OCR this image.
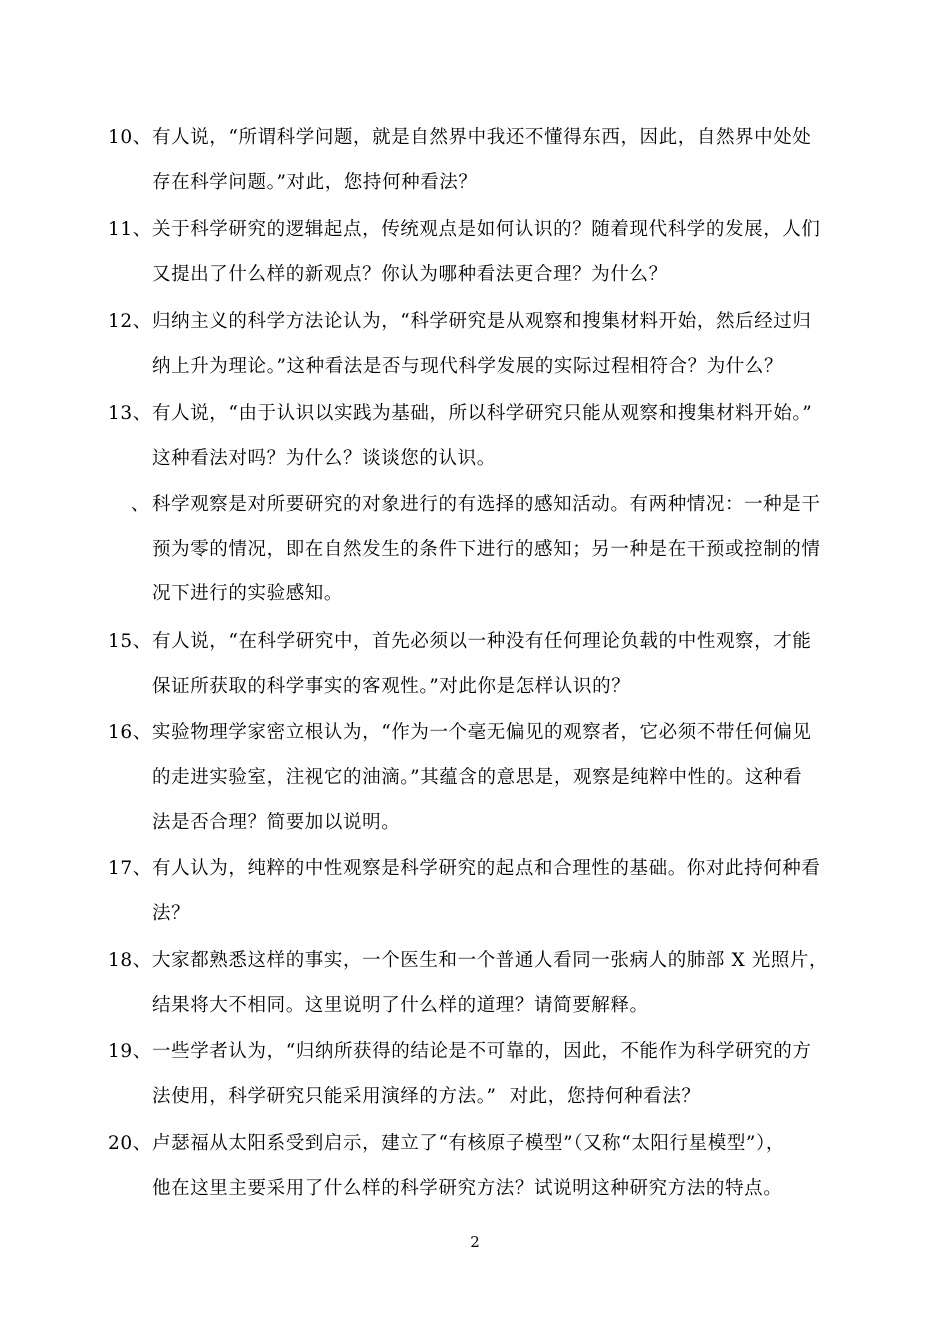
10、有人说，“所谓科学问题，就是自然界中我还不懂得东西，因此，自然界中处处
存在科学问题。”对此，您持何种看法？
11、关于科学研究的逻辑起点，传统观点是如何认识的？随着现代科学的发展，人们
又提出了什么样的新观点？你认为哪种看法更合理？为什么？
12、归纳主义的科学方法论认为，“科学研究是从观察和搜集材料开始，然后经过归
纳上升为理论。”这种看法是否与现代科学发展的实际过程相符合？为什么？
13、有人说，“由于认识以实践为基础，所以科学研究只能从观察和搜集材料开始。”
这种看法对吗？为什么？谈谈您的认识。
、 科学观察是对所要研究的对象进行的有选择的感知活动。有两种情况：一种是干
预为零的情况，即在自然发生的条件下进行的感知；另一种是在干预或控制的情
况下进行的实验感知。
15、有人说，“在科学研究中，首先必须以一种没有任何理论负载的中性观察，才能
保证所获取的科学事实的客观性。”对此你是怎样认识的？
16、实验物理学家密立根认为，“作为一个毫无偏见的观察者，它必须不带任何偏见
的走进实验室，注视它的油滴。”其蕴含的意思是，观察是纯粹中性的。这种看
法是否合理？简要加以说明。
17、有人认为，纯粹的中性观察是科学研究的起点和合理性的基础。你对此持何种看
法？
18、大家都熟悉这样的事实，一个医生和一个普通人看同一张病人的肺部 X 光照片，
结果将大不相同。这里说明了什么样的道理？请简要解释。
19、一些学者认为，“归纳所获得的结论是不可靠的，因此，不能作为科学研究的方
法使用，科学研究只能采用演绎的方法。”  对此，您持何种看法？
20、卢瑟福从太阳系受到启示，建立了“有核原子模型”（又称“太阳行星模型”），
他在这里主要采用了什么样的科学研究方法？试说明这种研究方法的特点。
2
